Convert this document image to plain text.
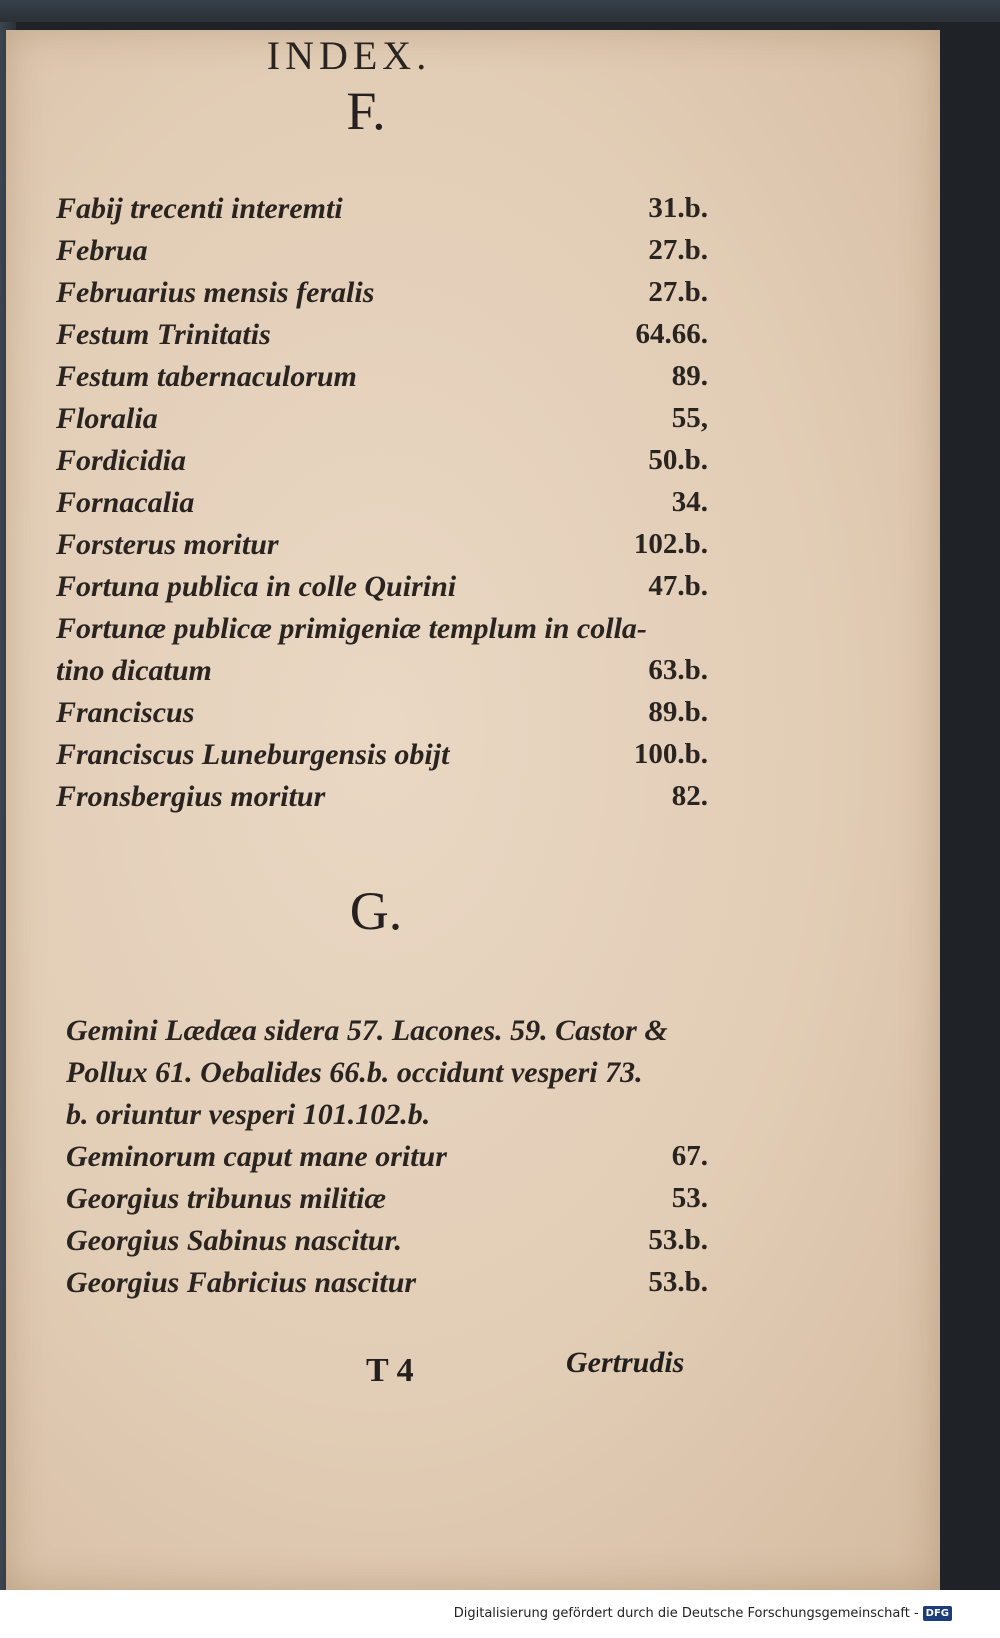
INDEX.
F.
Fabij trecenti interemti	31.b.
Februa	27.b.
Februarius mensis feralis	27.b.
Festum Trinitatis	64.66.
Festum tabernaculorum	89.
Floralia	55,
Fordicidia	50.b.
Fornacalia	34.
Forsterus moritur	102.b.
Fortuna publica in colle Quirini	47.b.
Fortunæ publicæ primigeniæ templum in colla-
tino dicatum	63.b.
Franciscus	89.b.
Franciscus Luneburgensis obijt	100.b.
Fronsbergius moritur	82.
G.
Gemini Lædæa sidera 57. Lacones. 59. Castor &
Pollux 61. Oebalides 66.b. occidunt vesperi 73.
b. oriuntur vesperi 101.102.b.
Geminorum caput mane oritur	67.
Georgius tribunus militiæ	53.
Georgius Sabinus nascitur.	53.b.
Georgius Fabricius nascitur	53.b.
T 4	Gertrudis
Digitalisierung gefördert durch die Deutsche Forschungsgemeinschaft - DFG
